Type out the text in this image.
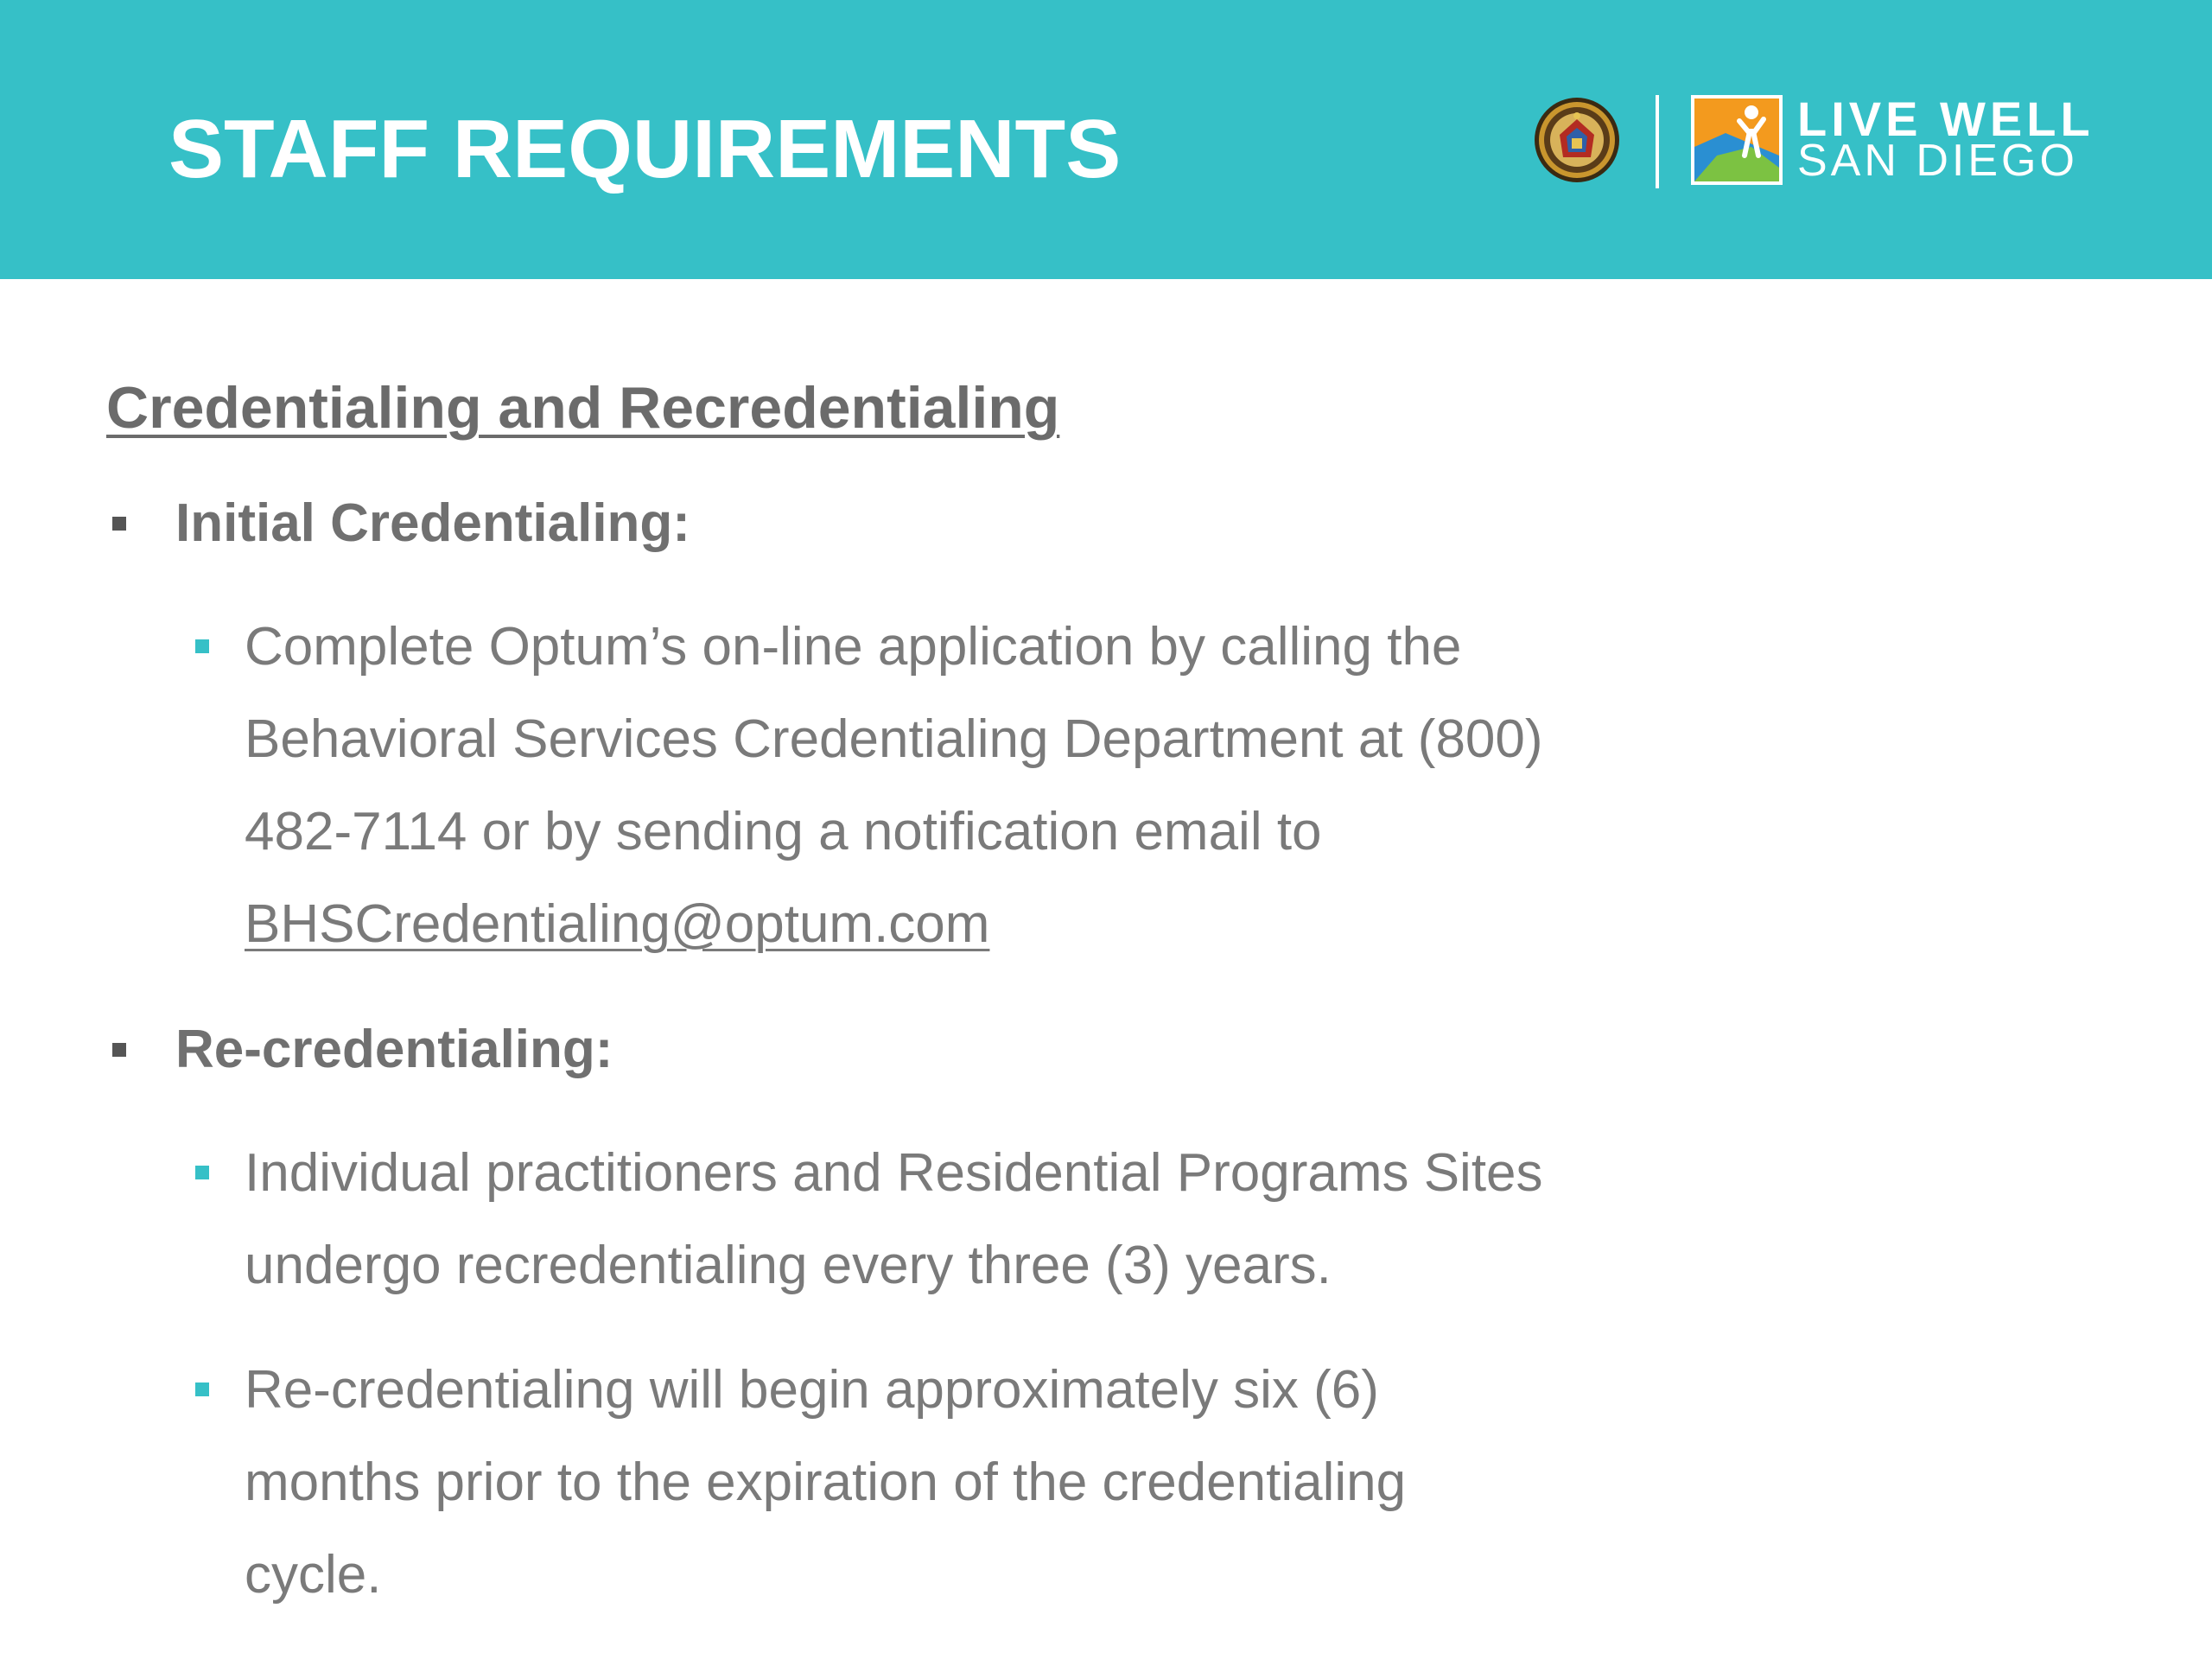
STAFF REQUIREMENTS	LIVE WELL
SAN DIEGO
Credentialing and Recredentialing
Initial Credentialing:
Complete Optum’s on-line application by calling the Behavioral Services Credentialing Department at (800) 482-7114 or by sending a notification email to BHSCredentialing@optum.com
Re-credentialing:
Individual practitioners and Residential Programs Sites undergo recredentialing every three (3) years.
Re-credentialing will begin approximately six (6) months prior to the expiration of the credentialing cycle.
